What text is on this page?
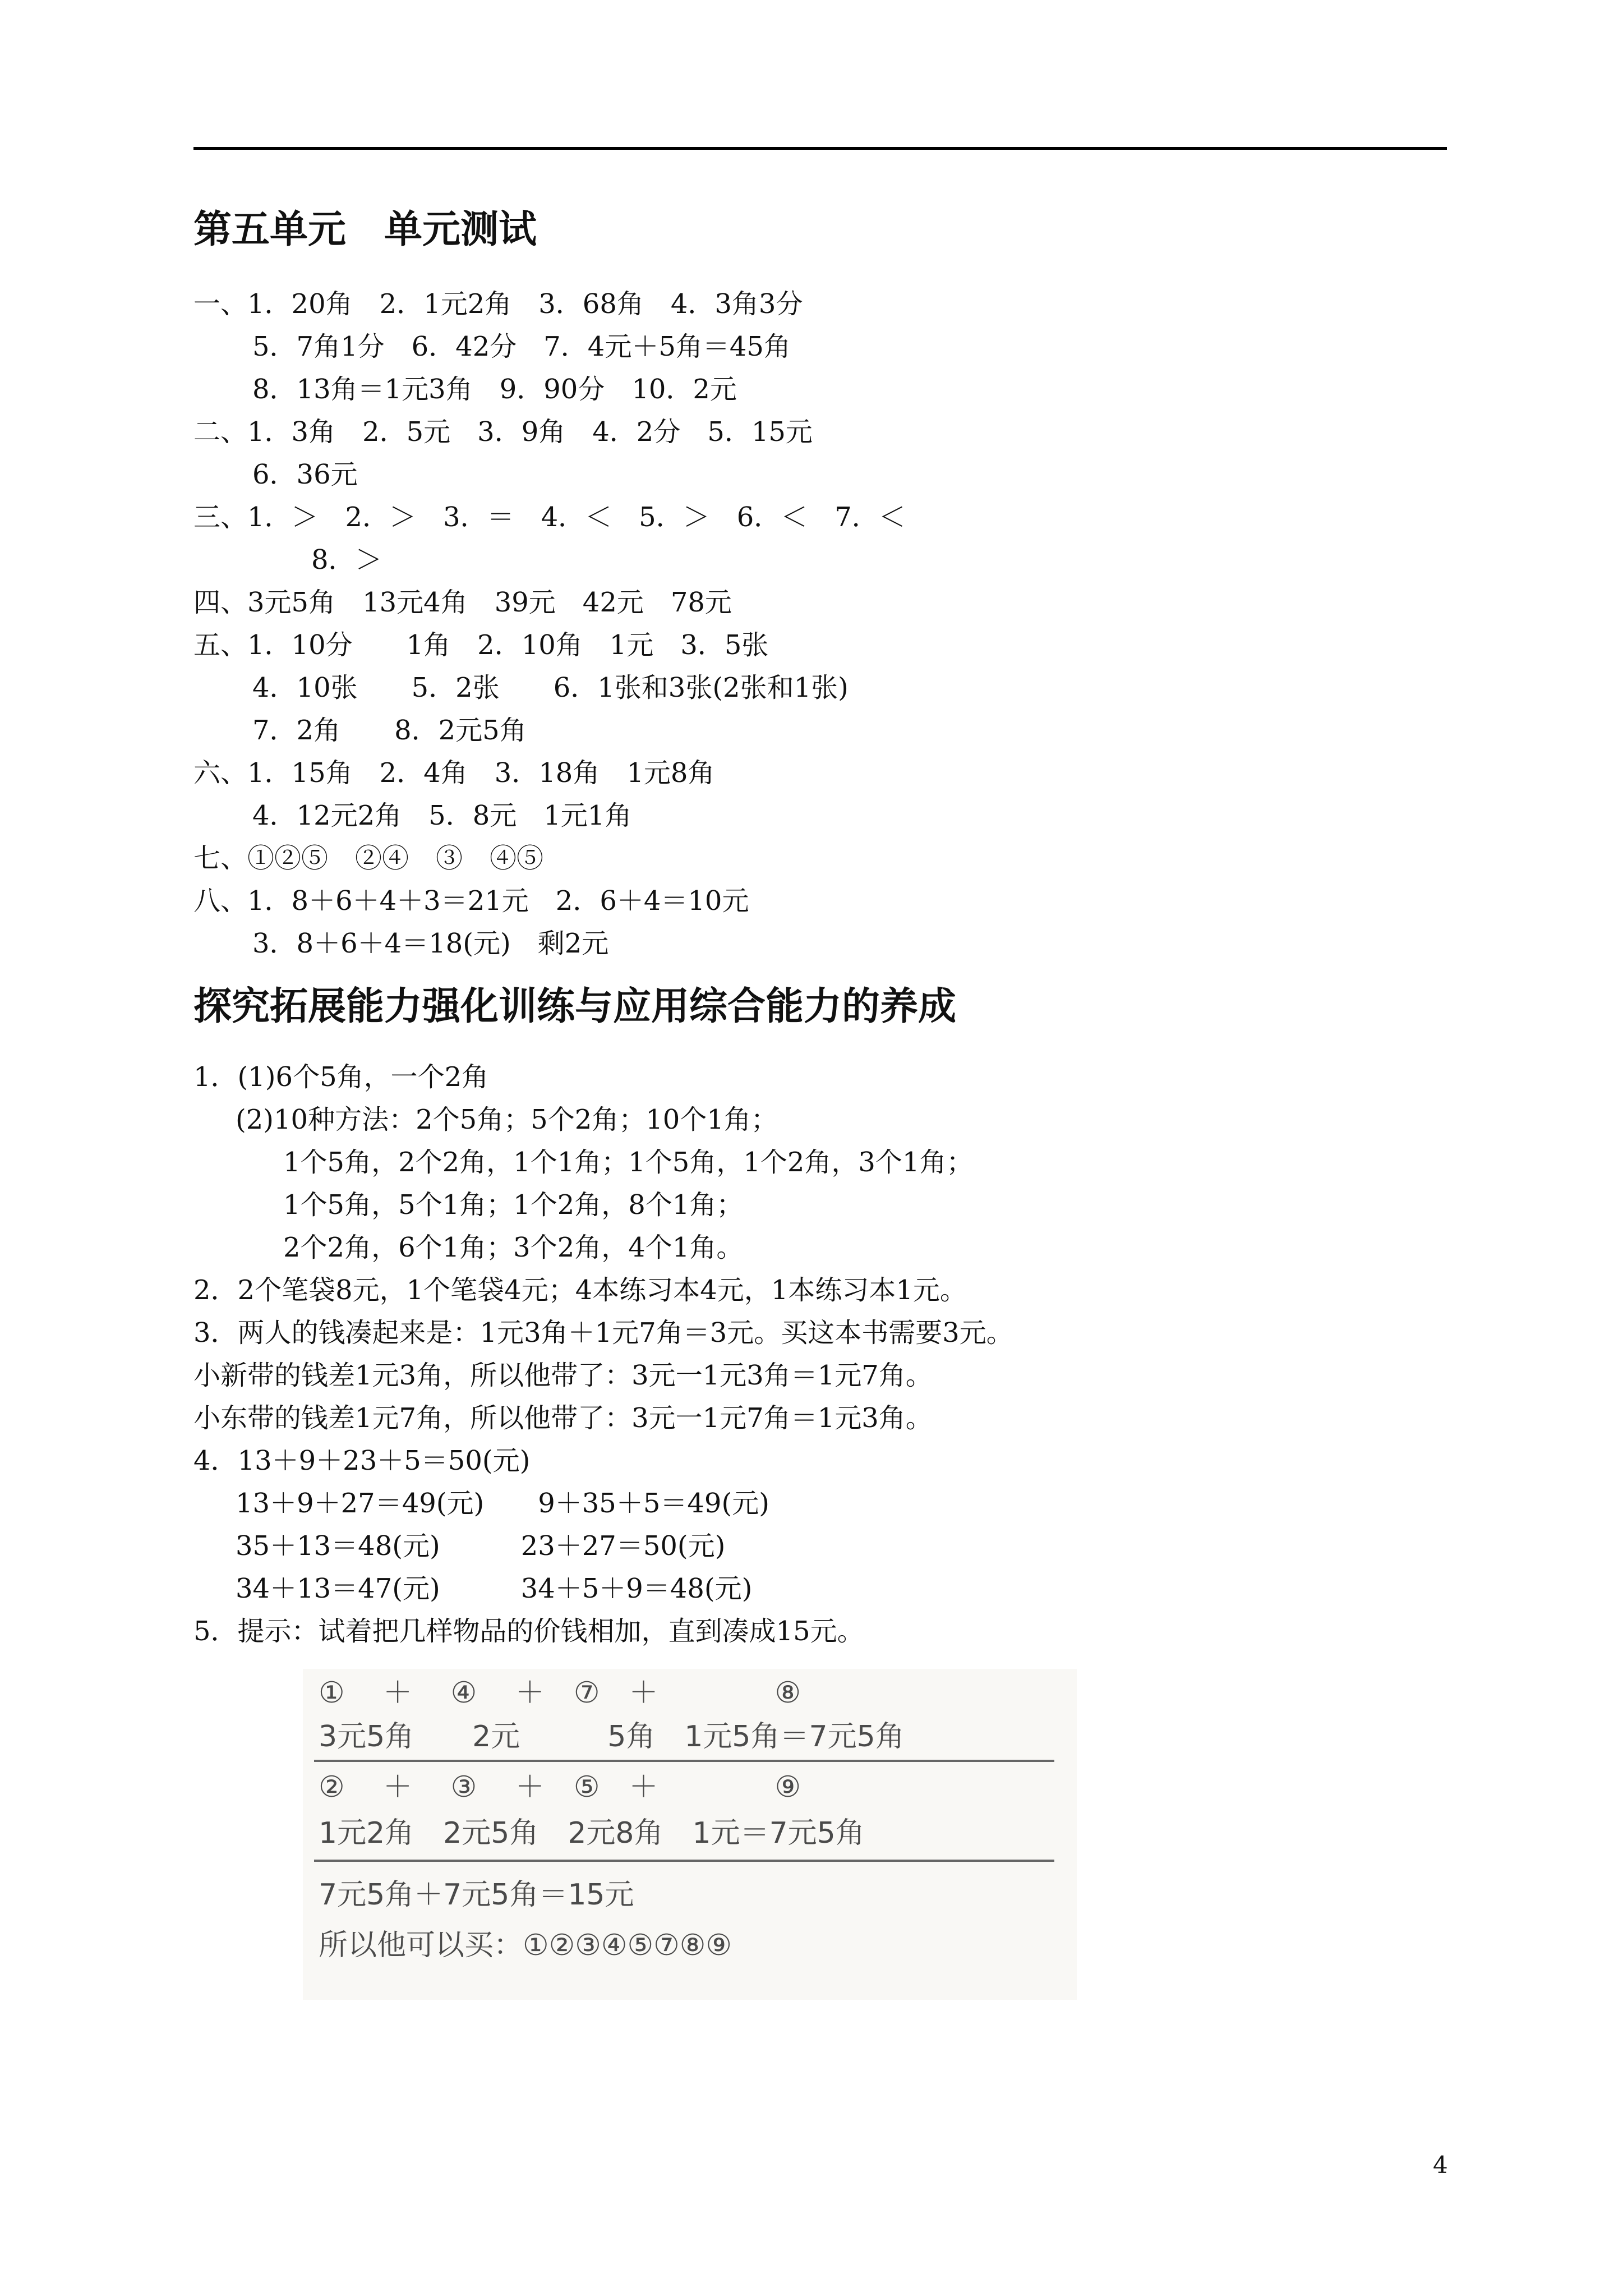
第五单元　单元测试
一、1．20角　2．1元2角　3．68角　4．3角3分
5．7角1分　6．42分　7．4元＋5角＝45角
8．13角＝1元3角　9．90分　10．2元
二、1．3角　2．5元　3．9角　4．2分　5．15元
6．36元
三、1．＞　2．＞　3．＝　4．＜　5．＞　6．＜　7．＜
8．＞
四、3元5角　13元4角　39元　42元　78元
五、1．10分　　1角　2．10角　1元　3．5张
4．10张　　5．2张　　6．1张和3张(2张和1张)
7．2角　　8．2元5角
六、1．15角　2．4角　3．18角　1元8角
4．12元2角　5．8元　1元1角
七、①②⑤　②④　③　④⑤
八、1．8＋6＋4＋3＝21元　2．6＋4＝10元
3．8＋6＋4＝18(元)　剩2元
探究拓展能力强化训练与应用综合能力的养成
1．(1)6个5角，一个2角
(2)10种方法：2个5角；5个2角；10个1角；
1个5角，2个2角，1个1角；1个5角，1个2角，3个1角；
1个5角，5个1角；1个2角，8个1角；
2个2角，6个1角；3个2角，4个1角。
2．2个笔袋8元，1个笔袋4元；4本练习本4元，1本练习本1元。
3．两人的钱凑起来是：1元3角＋1元7角＝3元。买这本书需要3元。
小新带的钱差1元3角，所以他带了：3元一1元3角＝1元7角。
小东带的钱差1元7角，所以他带了：3元一1元7角＝1元3角。
4．13＋9＋23＋5＝50(元)
13＋9＋27＝49(元)　　9＋35＋5＝49(元)
35＋13＝48(元)　　　23＋27＝50(元)
34＋13＝47(元)　　　34＋5＋9＝48(元)
5．提示：试着把几样物品的价钱相加，直到凑成15元。
①　 ＋　 ④　 ＋　⑦　＋　　　　⑧
3元5角　　2元　　　5角　1元5角＝7元5角
②　 ＋　 ③　 ＋　⑤　＋　　　　⑨
1元2角　2元5角　2元8角　1元＝7元5角
7元5角＋7元5角＝15元
所以他可以买：①②③④⑤⑦⑧⑨
4
